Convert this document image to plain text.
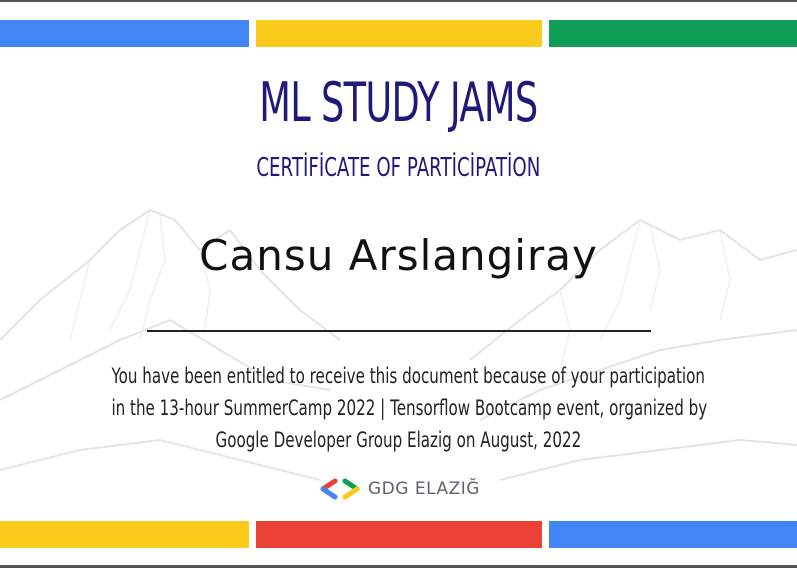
ML STUDY JAMS
CERTİFİCATE OF PARTİCİPATİON
Cansu Arslangiray
You have been entitled to receive this document because of your participation
in the 13-hour SummerCamp 2022 | Tensorflow Bootcamp event, organized by
Google Developer Group Elazig on August, 2022
GDG ELAZIĞ
